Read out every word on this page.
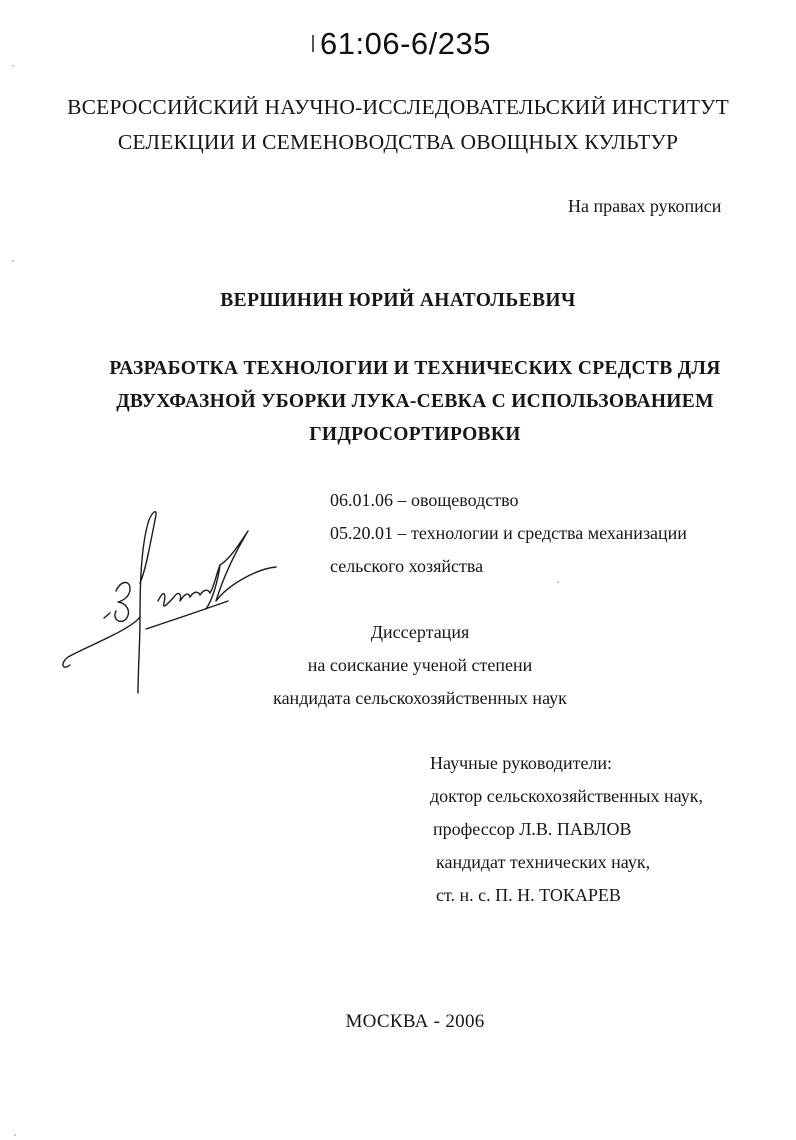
61:06-6/235
ВСЕРОССИЙСКИЙ НАУЧНО-ИССЛЕДОВАТЕЛЬСКИЙ ИНСТИТУТ
СЕЛЕКЦИИ И СЕМЕНОВОДСТВА ОВОЩНЫХ КУЛЬТУР
На правах рукописи
ВЕРШИНИН ЮРИЙ АНАТОЛЬЕВИЧ
РАЗРАБОТКА ТЕХНОЛОГИИ И ТЕХНИЧЕСКИХ СРЕДСТВ ДЛЯ
ДВУХФАЗНОЙ УБОРКИ ЛУКА-СЕВКА С ИСПОЛЬЗОВАНИЕМ
ГИДРОСОРТИРОВКИ
06.01.06 – овощеводство
05.20.01 – технологии и средства механизации
сельского хозяйства
Диссертация
на соискание ученой степени
кандидата сельскохозяйственных наук
Научные руководители:
доктор сельскохозяйственных наук,
профессор Л.В. ПАВЛОВ
кандидат технических наук,
ст. н. с. П. Н. ТОКАРЕВ
МОСКВА - 2006
